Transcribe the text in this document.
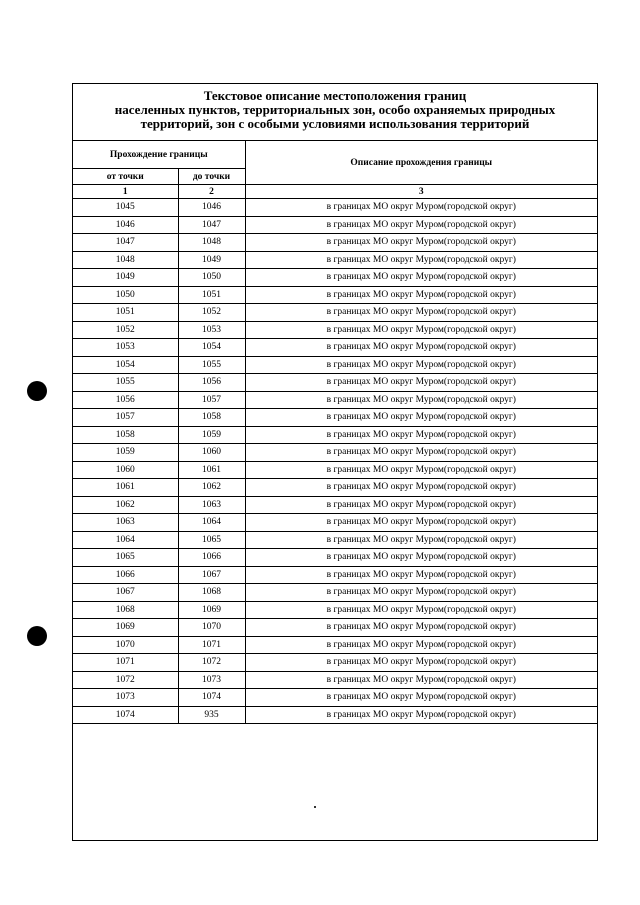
Текстовое описание местоположения границ
населенных пунктов, территориальных зон, особо охраняемых природных
территорий, зон с особыми условиями использования территорий
Прохождение границы		Описание прохождения границы
от точки	до точки	
1	2	3
1045	1046	в границах МО округ Муром(городской округ)
1046	1047	в границах МО округ Муром(городской округ)
1047	1048	в границах МО округ Муром(городской округ)
1048	1049	в границах МО округ Муром(городской округ)
1049	1050	в границах МО округ Муром(городской округ)
1050	1051	в границах МО округ Муром(городской округ)
1051	1052	в границах МО округ Муром(городской округ)
1052	1053	в границах МО округ Муром(городской округ)
1053	1054	в границах МО округ Муром(городской округ)
1054	1055	в границах МО округ Муром(городской округ)
1055	1056	в границах МО округ Муром(городской округ)
1056	1057	в границах МО округ Муром(городской округ)
1057	1058	в границах МО округ Муром(городской округ)
1058	1059	в границах МО округ Муром(городской округ)
1059	1060	в границах МО округ Муром(городской округ)
1060	1061	в границах МО округ Муром(городской округ)
1061	1062	в границах МО округ Муром(городской округ)
1062	1063	в границах МО округ Муром(городской округ)
1063	1064	в границах МО округ Муром(городской округ)
1064	1065	в границах МО округ Муром(городской округ)
1065	1066	в границах МО округ Муром(городской округ)
1066	1067	в границах МО округ Муром(городской округ)
1067	1068	в границах МО округ Муром(городской округ)
1068	1069	в границах МО округ Муром(городской округ)
1069	1070	в границах МО округ Муром(городской округ)
1070	1071	в границах МО округ Муром(городской округ)
1071	1072	в границах МО округ Муром(городской округ)
1072	1073	в границах МО округ Муром(городской округ)
1073	1074	в границах МО округ Муром(городской округ)
1074	935	в границах МО округ Муром(городской округ)
